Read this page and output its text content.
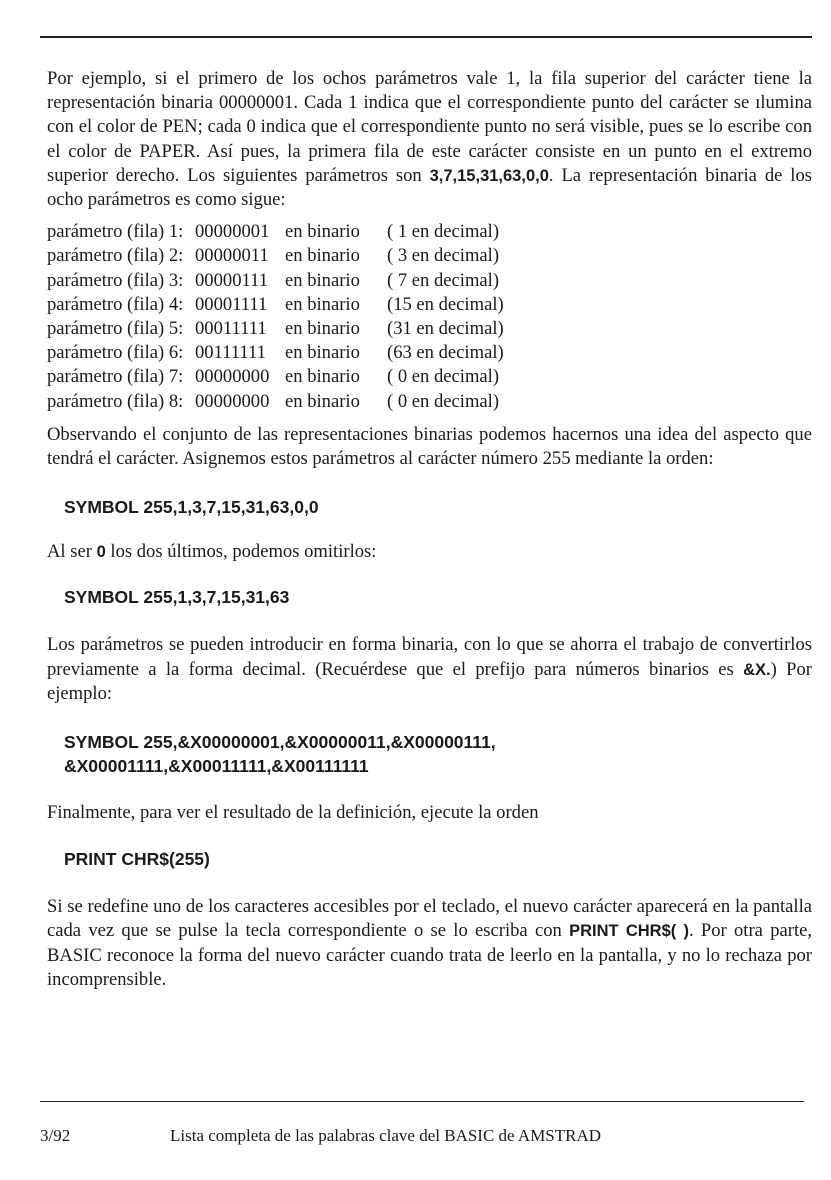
Por ejemplo, si el primero de los ochos parámetros vale 1, la fila superior del carácter tiene la representación binaria 00000001. Cada 1 indica que el correspondiente punto del carácter se ılumina con el color de PEN; cada 0 indica que el correspondiente punto no será visible, pues se lo escribe con el color de PAPER. Así pues, la primera fila de este carácter consiste en un punto en el extremo superior derecho. Los siguientes parámetros son 3,7,15,31,63,0,0. La representación binaria de los ocho parámetros es como sigue:

parámetro (fila) 1: 00000001 en binario ( 1 en decimal)
parámetro (fila) 2: 00000011 en binario ( 3 en decimal)
parámetro (fila) 3: 00000111 en binario ( 7 en decimal)
parámetro (fila) 4: 00001111 en binario (15 en decimal)
parámetro (fila) 5: 00011111 en binario (31 en decimal)
parámetro (fila) 6: 00111111	en binario (63 en decimal)
parámetro (fila) 7: 00000000 en binario ( 0 en decimal)
parámetro (fila) 8: 00000000 en binario ( 0 en decimal)

Observando el conjunto de las representaciones binarias podemos hacernos una idea del aspecto que tendrá el carácter. Asignemos estos parámetros al carácter número 255 mediante la orden:

SYMBOL 255,1,3,7,15,31,63,0,0

Al ser 0 los dos últimos, podemos omitirlos:

SYMBOL 255,1,3,7,15,31,63

Los parámetros se pueden introducir en forma binaria, con lo que se ahorra el trabajo de convertirlos previamente a la forma decimal. (Recuérdese que el prefijo para números binarios es &X.) Por ejemplo:

SYMBOL 255,&X00000001,&X00000011,&X00000111,

&X00001111,&X00011111,&X00111111

Finalmente, para ver el resultado de la definición, ejecute la orden

PRINT CHR$(255)

Si se redefine uno de los caracteres accesibles por el teclado, el nuevo carácter aparecerá en la pantalla cada vez que se pulse la tecla correspondiente o se lo escriba con PRINT CHR$( ). Por otra parte, BASIC reconoce la forma del nuevo carácter cuando trata de leerlo en la pantalla, y no lo rechaza por incomprensible.

3/92	Lista completa de las palabras clave del BASIC de AMSTRAD
